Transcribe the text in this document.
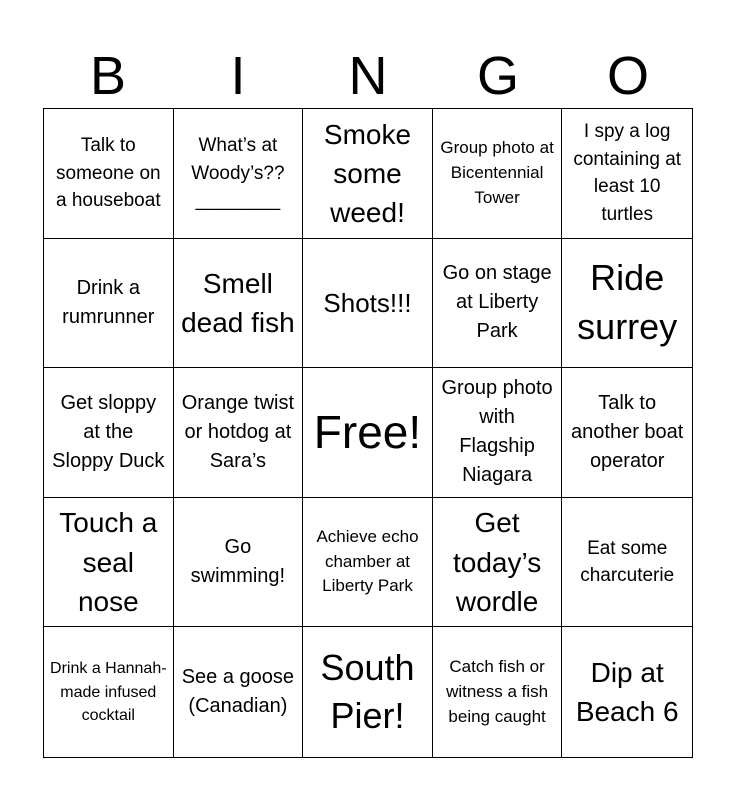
B	I	N	G	O
Talk to someone on a houseboat
What’s at Woody’s?? ________
Smoke some weed!
Group photo at Bicentennial Tower
I spy a log containing at least 10 turtles
Drink a rumrunner
Smell dead fish
Shots!!!
Go on stage at Liberty Park
Ride surrey
Get sloppy at the Sloppy Duck
Orange twist or hotdog at Sara’s
Free!
Group photo with Flagship Niagara
Talk to another boat operator
Touch a seal nose
Go swimming!
Achieve echo chamber at Liberty Park
Get today’s wordle
Eat some charcuterie
Drink a Hannah-made infused cocktail
See a goose (Canadian)
South Pier!
Catch fish or witness a fish being caught
Dip at Beach 6
